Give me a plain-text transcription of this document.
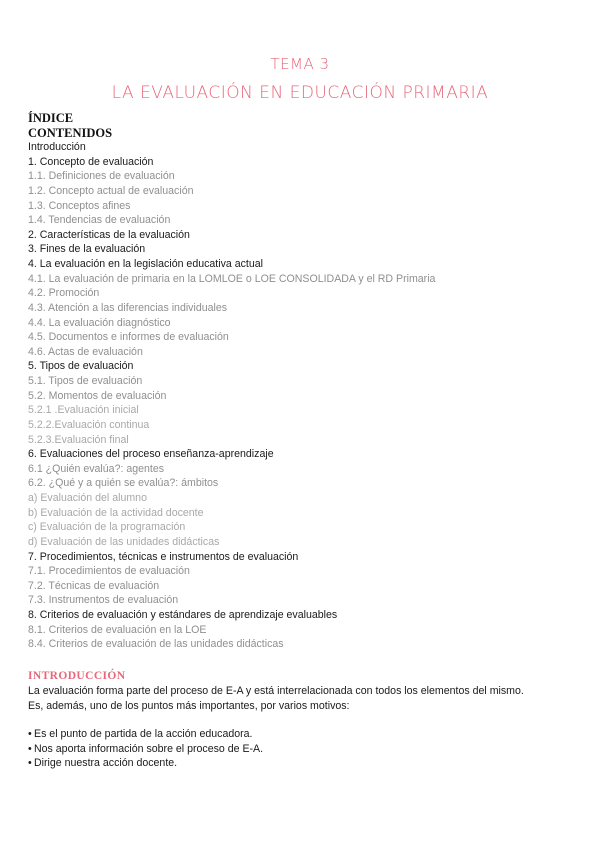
TEMA 3
LA EVALUACIÓN EN EDUCACIÓN PRIMARIA
ÍNDICE
CONTENIDOS
Introducción
1. Concepto de evaluación
1.1. Definiciones de evaluación
1.2. Concepto actual de evaluación
1.3. Conceptos afines
1.4. Tendencias de evaluación
2. Características de la evaluación
3. Fines de la evaluación
4. La evaluación en la legislación educativa actual
4.1. La evaluación de primaria en la LOMLOE o LOE CONSOLIDADA y el RD Primaria
4.2. Promoción
4.3. Atención a las diferencias individuales
4.4. La evaluación diagnóstico
4.5. Documentos e informes de evaluación
4.6. Actas de evaluación
5. Tipos de evaluación
5.1. Tipos de evaluación
5.2. Momentos de evaluación
5.2.1 .Evaluación inicial
5.2.2.Evaluación continua
5.2.3.Evaluación final
6. Evaluaciones del proceso enseñanza-aprendizaje
6.1 ¿Quién evalúa?: agentes
6.2. ¿Qué y a quién se evalúa?: ámbitos
a) Evaluación del alumno
b) Evaluación de la actividad docente
c) Evaluación de la programación
d) Evaluación de las unidades didácticas
7. Procedimientos, técnicas e instrumentos de evaluación
7.1. Procedimientos de evaluación
7.2. Técnicas de evaluación
7.3. Instrumentos de evaluación
8. Criterios de evaluación y estándares de aprendizaje evaluables
8.1. Criterios de evaluación en la LOE
8.4. Criterios de evaluación de las unidades didácticas
INTRODUCCIÓN
La evaluación forma parte del proceso de E-A y está interrelacionada con todos los elementos del mismo.
Es, además, uno de los puntos más importantes, por varios motivos:
• Es el punto de partida de la acción educadora.
• Nos aporta información sobre el proceso de E-A.
• Dirige nuestra acción docente.
